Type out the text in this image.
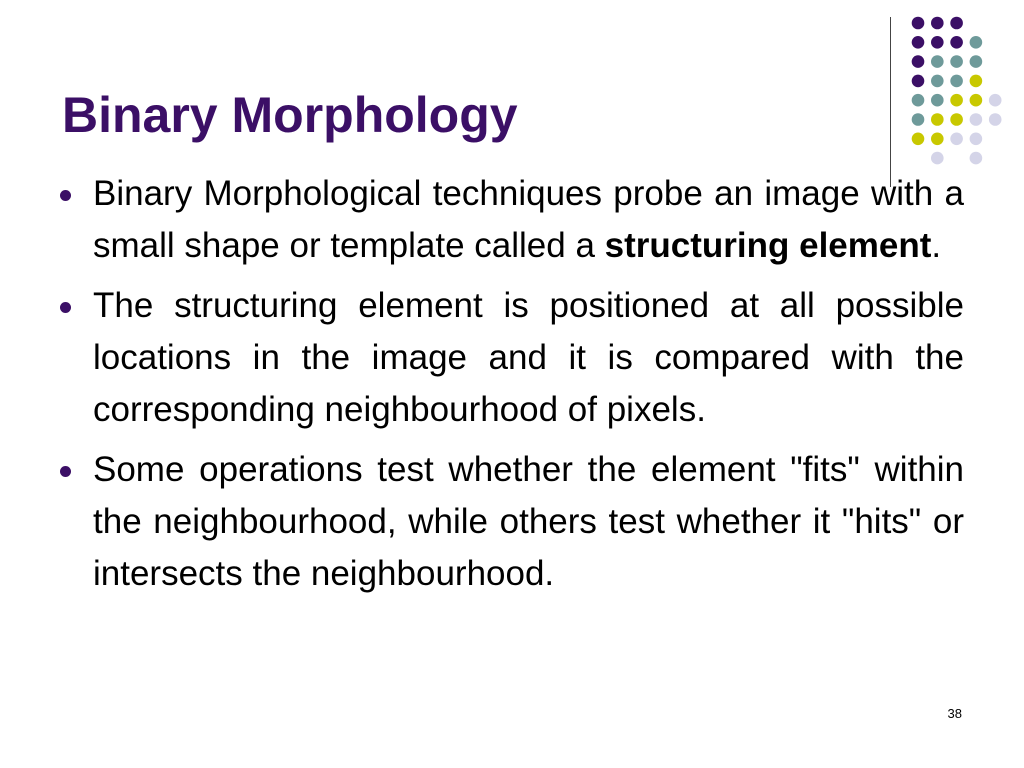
Binary Morphology
Binary Morphological techniques probe an image with a small shape or template called a structuring element.
The structuring element is positioned at all possible locations in the image and it is compared with the corresponding neighbourhood of pixels.
Some operations test whether the element "fits" within the neighbourhood, while others test whether it "hits" or intersects the neighbourhood.
38
